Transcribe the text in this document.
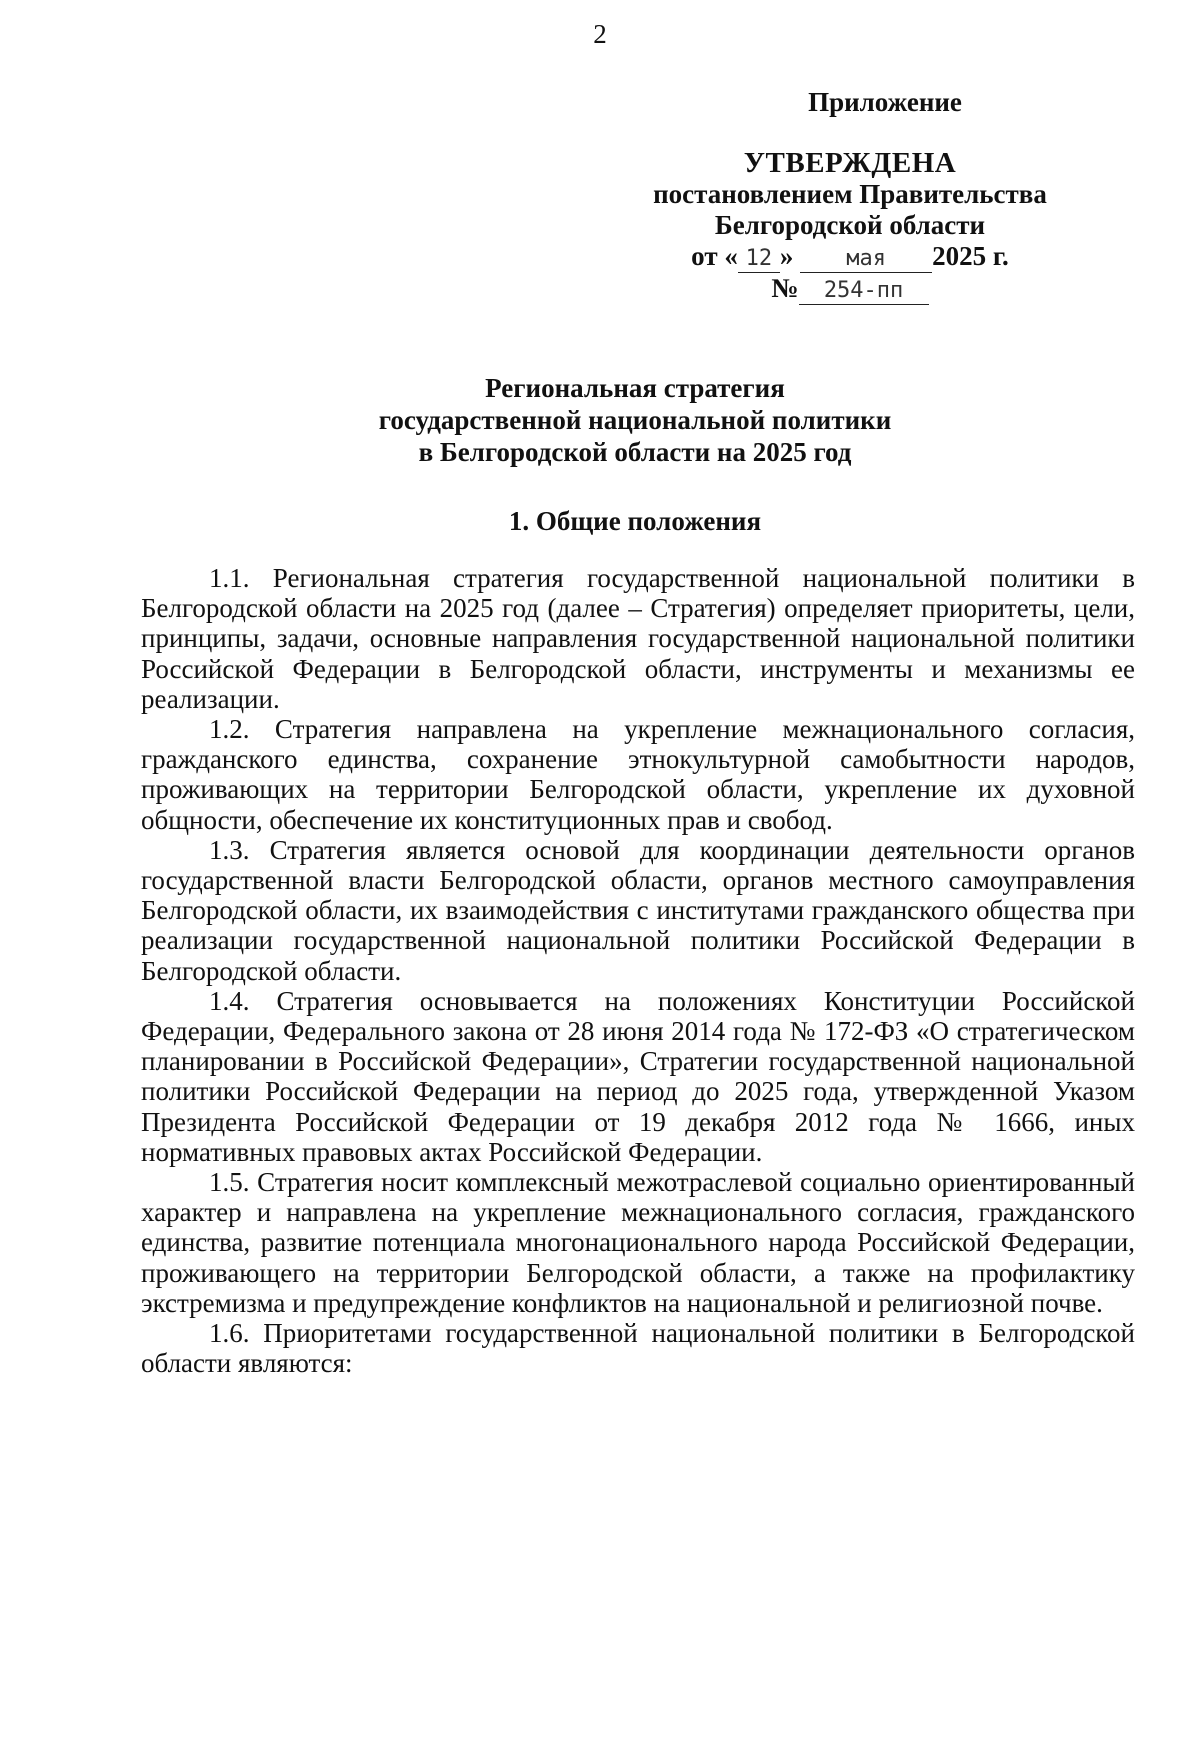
2
Приложение
УТВЕРЖДЕНА
постановлением Правительства
Белгородской области
от « 12 » мая 2025 г.
№ 254-пп
Региональная стратегия
государственной национальной политики
в Белгородской области на 2025 год
1. Общие положения

1.1. Региональная стратегия государственной национальной политики в Белгородской области на 2025 год (далее – Стратегия) определяет приоритеты, цели, принципы, задачи, основные направления государственной национальной политики Российской Федерации в Белгородской области, инструменты и механизмы ее реализации.

1.2. Стратегия направлена на укрепление межнационального согласия, гражданского единства, сохранение этнокультурной самобытности народов, проживающих на территории Белгородской области, укрепление их духовной общности, обеспечение их конституционных прав и свобод.

1.3. Стратегия является основой для координации деятельности органов государственной власти Белгородской области, органов местного самоуправления Белгородской области, их взаимодействия с институтами гражданского общества при реализации государственной национальной политики Российской Федерации в Белгородской области.

1.4. Стратегия основывается на положениях Конституции Российской Федерации, Федерального закона от 28 июня 2014 года № 172-ФЗ «О стратегическом планировании в Российской Федерации», Стратегии государственной национальной политики Российской Федерации на период до 2025 года, утвержденной Указом Президента Российской Федерации от 19 декабря 2012 года № 1666, иных нормативных правовых актах Российской Федерации.

1.5. Стратегия носит комплексный межотраслевой социально ориентированный характер и направлена на укрепление межнационального согласия, гражданского единства, развитие потенциала многонационального народа Российской Федерации, проживающего на территории Белгородской области, а также на профилактику экстремизма и предупреждение конфликтов на национальной и религиозной почве.

1.6. Приоритетами государственной национальной политики в Белгородской области являются:
